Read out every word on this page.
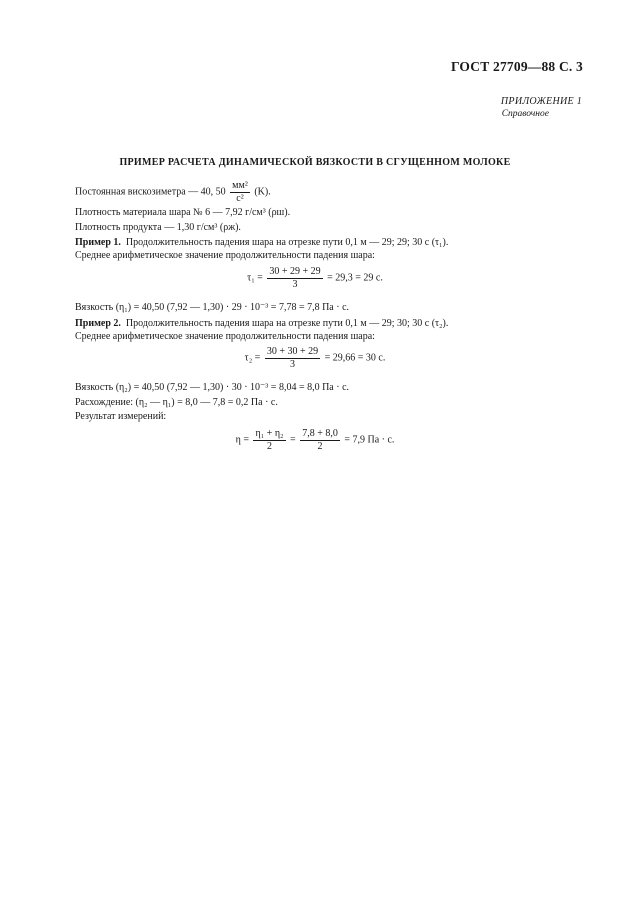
ГОСТ 27709—88 С. 3
ПРИЛОЖЕНИЕ 1
Справочное
ПРИМЕР РАСЧЕТА ДИНАМИЧЕСКОЙ ВЯЗКОСТИ В СГУЩЕННОМ МОЛОКЕ
Постоянная вискозиметра — 40, $50 \frac{\text{мм²}}{\text{с²}} (K)$.
Плотность материала шара № 6 — 7,92 г/см³ (ρш).
Плотность продукта — 1,30 г/см³ (ρж).
Пример 1. Продолжительность падения шара на отрезке пути 0,1 м — 29; 29; 30 с (τ₁).
Среднее арифметическое значение продолжительности падения шара:
$\tau_1 = \frac{30 + 29 + 29}{3} = 29,3 = 29$ с.
Вязкость (η₁) = 40,50 (7,92 — 1,30) · 29 · 10⁻³ = 7,78 = 7,8 Па · с.
Пример 2. Продолжительность падения шара на отрезке пути 0,1 м — 29; 30; 30 с (τ₂).
Среднее арифметическое значение продолжительности падения шара:
$\tau_2 = \frac{30 + 30 + 29}{3} = 29,66 = 30$ с.
Вязкость (η₂) = 40,50 (7,92 — 1,30) · 30 · 10⁻³ = 8,04 = 8,0 Па · с.
Расхождение: (η₂ — η₁) = 8,0 — 7,8 = 0,2 Па · с.
Результат измерений:
$\eta = \frac{\text{η₁ + η₂}}{2} = \frac{7,8 + 8,0}{2} = 7,9$ Па · с.
